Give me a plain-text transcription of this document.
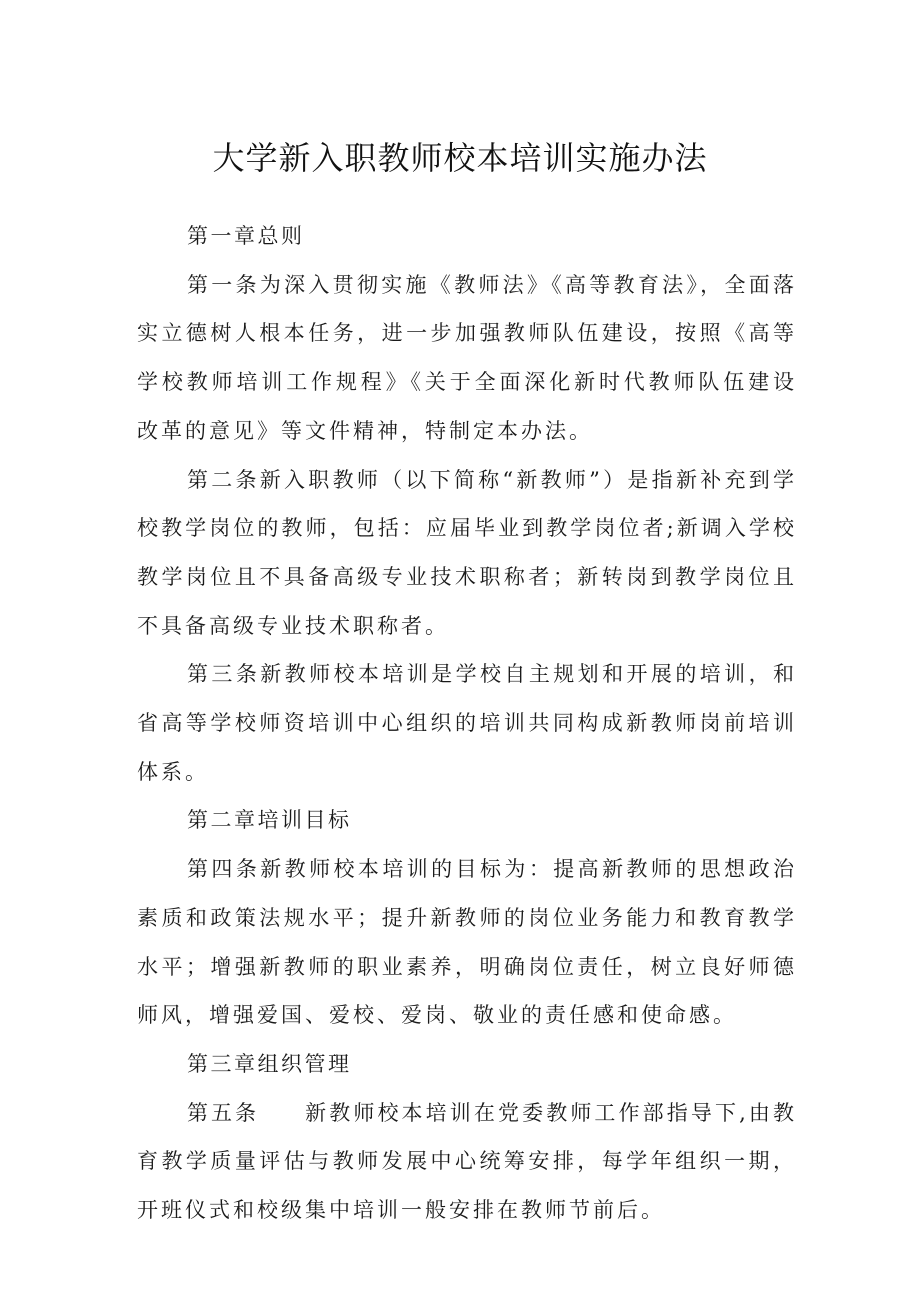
大学新入职教师校本培训实施办法

第一章总则

第一条为深入贯彻实施《教师法》《高等教育法》，全面落实立德树人根本任务，进一步加强教师队伍建设，按照《高等学校教师培训工作规程》《关于全面深化新时代教师队伍建设改革的意见》等文件精神，特制定本办法。

第二条新入职教师（以下简称“新教师”）是指新补充到学校教学岗位的教师，包括：应届毕业到教学岗位者;新调入学校教学岗位且不具备高级专业技术职称者；新转岗到教学岗位且不具备高级专业技术职称者。

第三条新教师校本培训是学校自主规划和开展的培训，和省高等学校师资培训中心组织的培训共同构成新教师岗前培训体系。

第二章培训目标

第四条新教师校本培训的目标为：提高新教师的思想政治素质和政策法规水平；提升新教师的岗位业务能力和教育教学水平；增强新教师的职业素养，明确岗位责任，树立良好师德师风，增强爱国、爱校、爱岗、敬业的责任感和使命感。

第三章组织管理

第五条 新教师校本培训在党委教师工作部指导下,由教育教学质量评估与教师发展中心统筹安排，每学年组织一期，开班仪式和校级集中培训一般安排在教师节前后。
